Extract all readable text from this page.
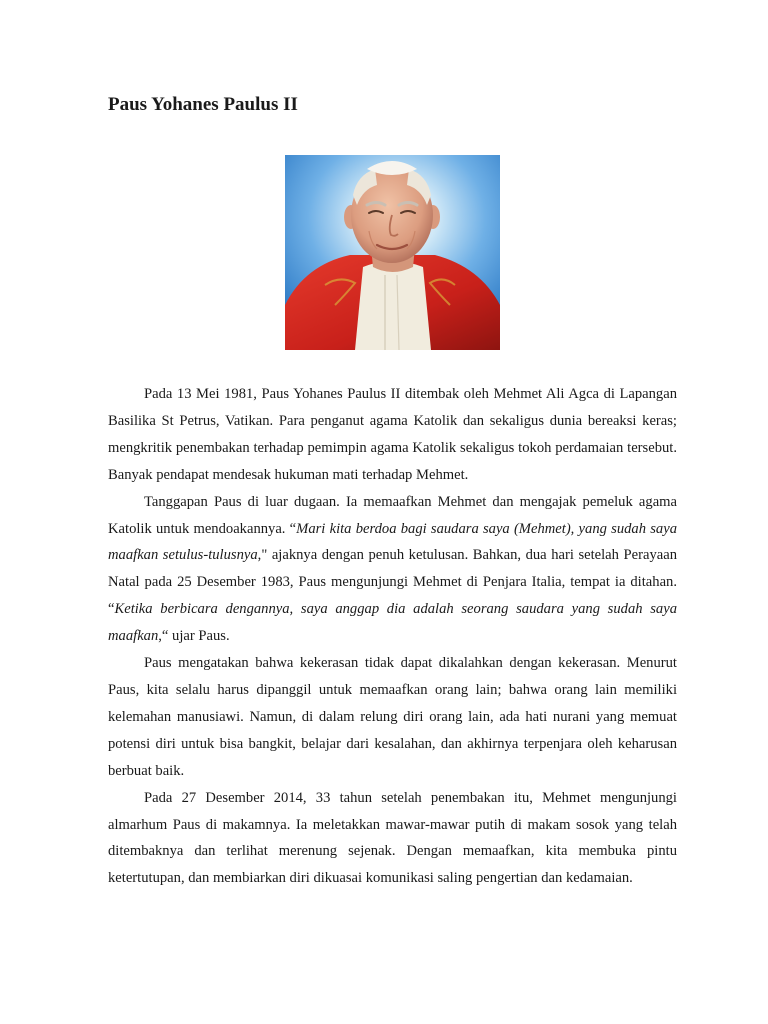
Paus Yohanes Paulus II

Pada 13 Mei 1981, Paus Yohanes Paulus II ditembak oleh Mehmet Ali Agca di Lapangan Basilika St Petrus, Vatikan. Para penganut agama Katolik dan sekaligus dunia bereaksi keras; mengkritik penembakan terhadap pemimpin agama Katolik sekaligus tokoh perdamaian tersebut. Banyak pendapat mendesak hukuman mati terhadap Mehmet.

Tanggapan Paus di luar dugaan. Ia memaafkan Mehmet dan mengajak pemeluk agama Katolik untuk mendoakannya. “Mari kita berdoa bagi saudara saya (Mehmet), yang sudah saya maafkan setulus-tulusnya," ajaknya dengan penuh ketulusan. Bahkan, dua hari setelah Perayaan Natal pada 25 Desember 1983, Paus mengunjungi Mehmet di Penjara Italia, tempat ia ditahan. “Ketika berbicara dengannya, saya anggap dia adalah seorang saudara yang sudah saya maafkan,“ ujar Paus.

Paus mengatakan bahwa kekerasan tidak dapat dikalahkan dengan kekerasan. Menurut Paus, kita selalu harus dipanggil untuk memaafkan orang lain; bahwa orang lain memiliki kelemahan manusiawi. Namun, di dalam relung diri orang lain, ada hati nurani yang memuat potensi diri untuk bisa bangkit, belajar dari kesalahan, dan akhirnya terpenjara oleh keharusan berbuat baik.

Pada 27 Desember 2014, 33 tahun setelah penembakan itu, Mehmet mengunjungi almarhum Paus di makamnya. Ia meletakkan mawar-mawar putih di makam sosok yang telah ditembaknya dan terlihat merenung sejenak. Dengan memaafkan, kita membuka pintu ketertutupan, dan membiarkan diri dikuasai komunikasi saling pengertian dan kedamaian.
